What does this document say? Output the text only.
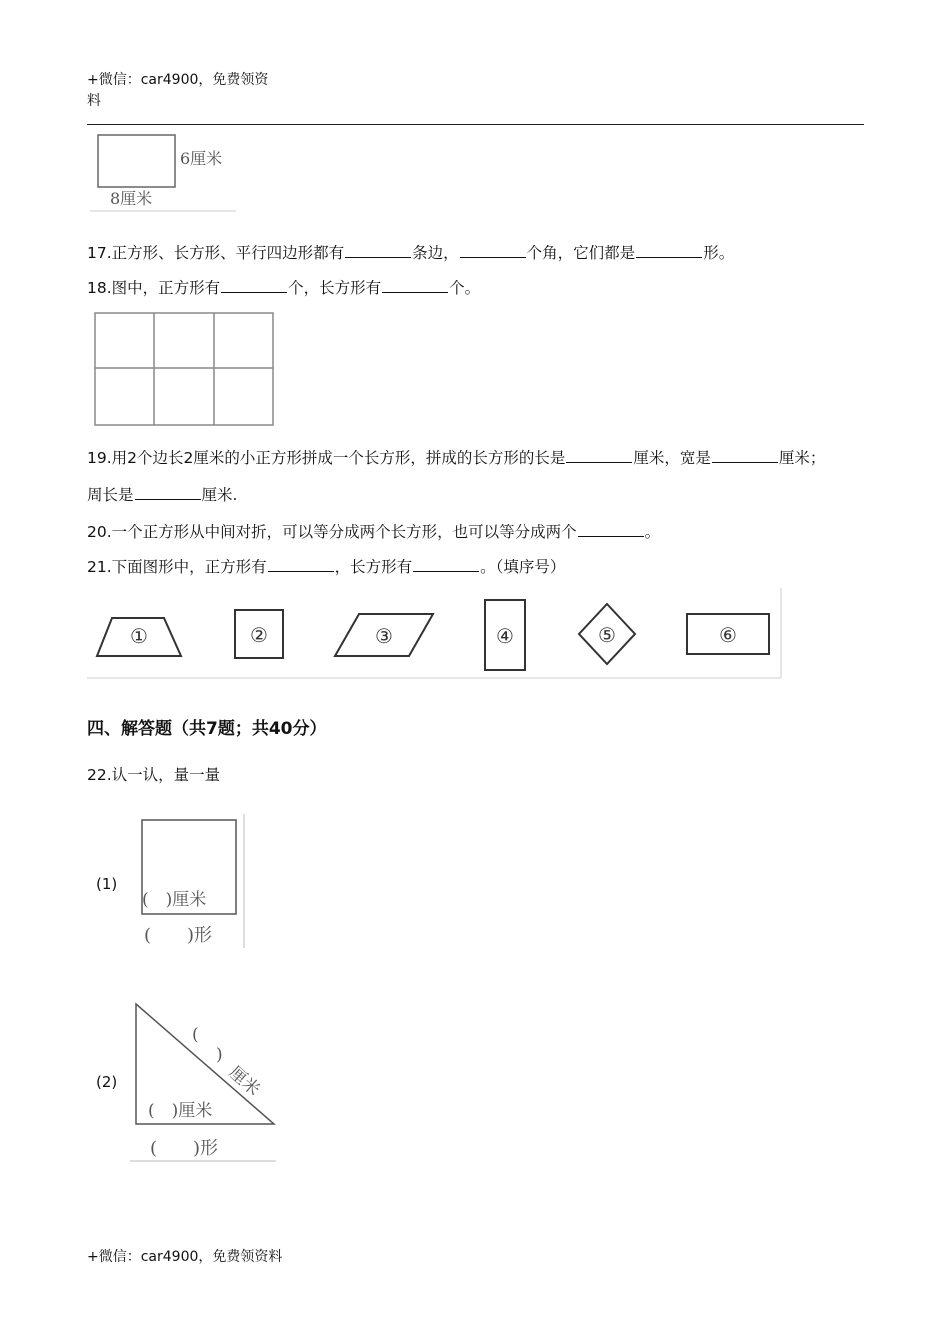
+微信：car4900，免费领资
料
6厘米
8厘米
17.正方形、长方形、平行四边形都有	条边，	个角，它们都是	形。
18.图中，正方形有	个，长方形有	个。
19.用2个边长2厘米的小正方形拼成一个长方形，拼成的长方形的长是	厘米，宽是	厘米；
周长是	厘米.
20.一个正方形从中间对折，可以等分成两个长方形，也可以等分成两个	。
21.下面图形中，正方形有	，长方形有	。（填序号）
①	②	③	④	⑤	⑥
四、解答题（共7题；共40分）
22.认一认，量一量
(1)
(　)厘米
(　　)形
(2)
(
)
厘米
(　)厘米
(　　)形
+微信：car4900，免费领资料
